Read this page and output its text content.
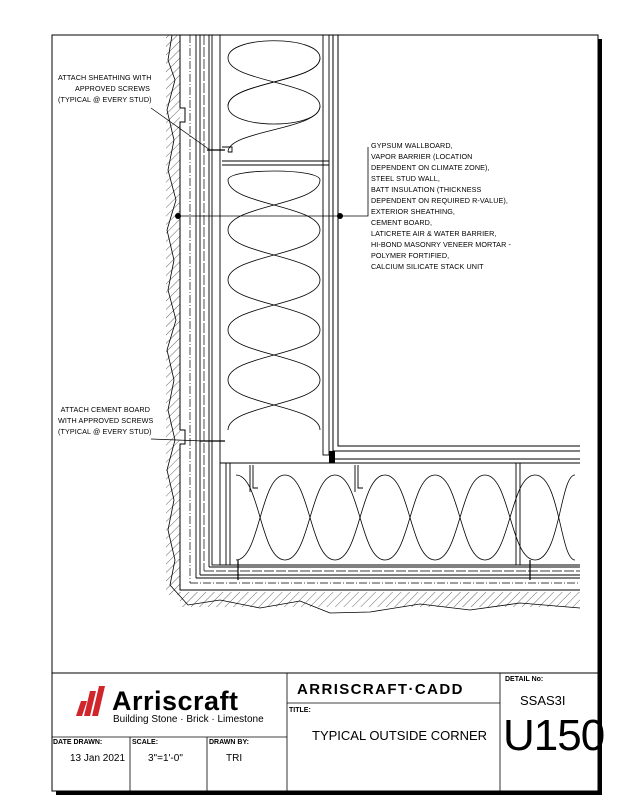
ATTACH SHEATHING WITH
APPROVED SCREWS
(TYPICAL @ EVERY STUD)
ATTACH CEMENT BOARD
WITH APPROVED SCREWS
(TYPICAL @ EVERY STUD)
GYPSUM WALLBOARD,
VAPOR BARRIER (LOCATION
DEPENDENT ON CLIMATE ZONE),
STEEL STUD WALL,
BATT INSULATION (THICKNESS
DEPENDENT ON REQUIRED R-VALUE),
EXTERIOR SHEATHING,
CEMENT BOARD,
LATICRETE AIR & WATER BARRIER,
HI-BOND MASONRY VENEER MORTAR -
POLYMER FORTIFIED,
CALCIUM SILICATE STACK UNIT
Arriscraft
Building Stone · Brick · Limestone
ARRISCRAFT·CADD
TITLE:
TYPICAL OUTSIDE CORNER
DETAIL No:
SSAS3I
U150
DATE DRAWN:
13 Jan 2021
SCALE:
3"=1'-0"
DRAWN BY:
TRI
